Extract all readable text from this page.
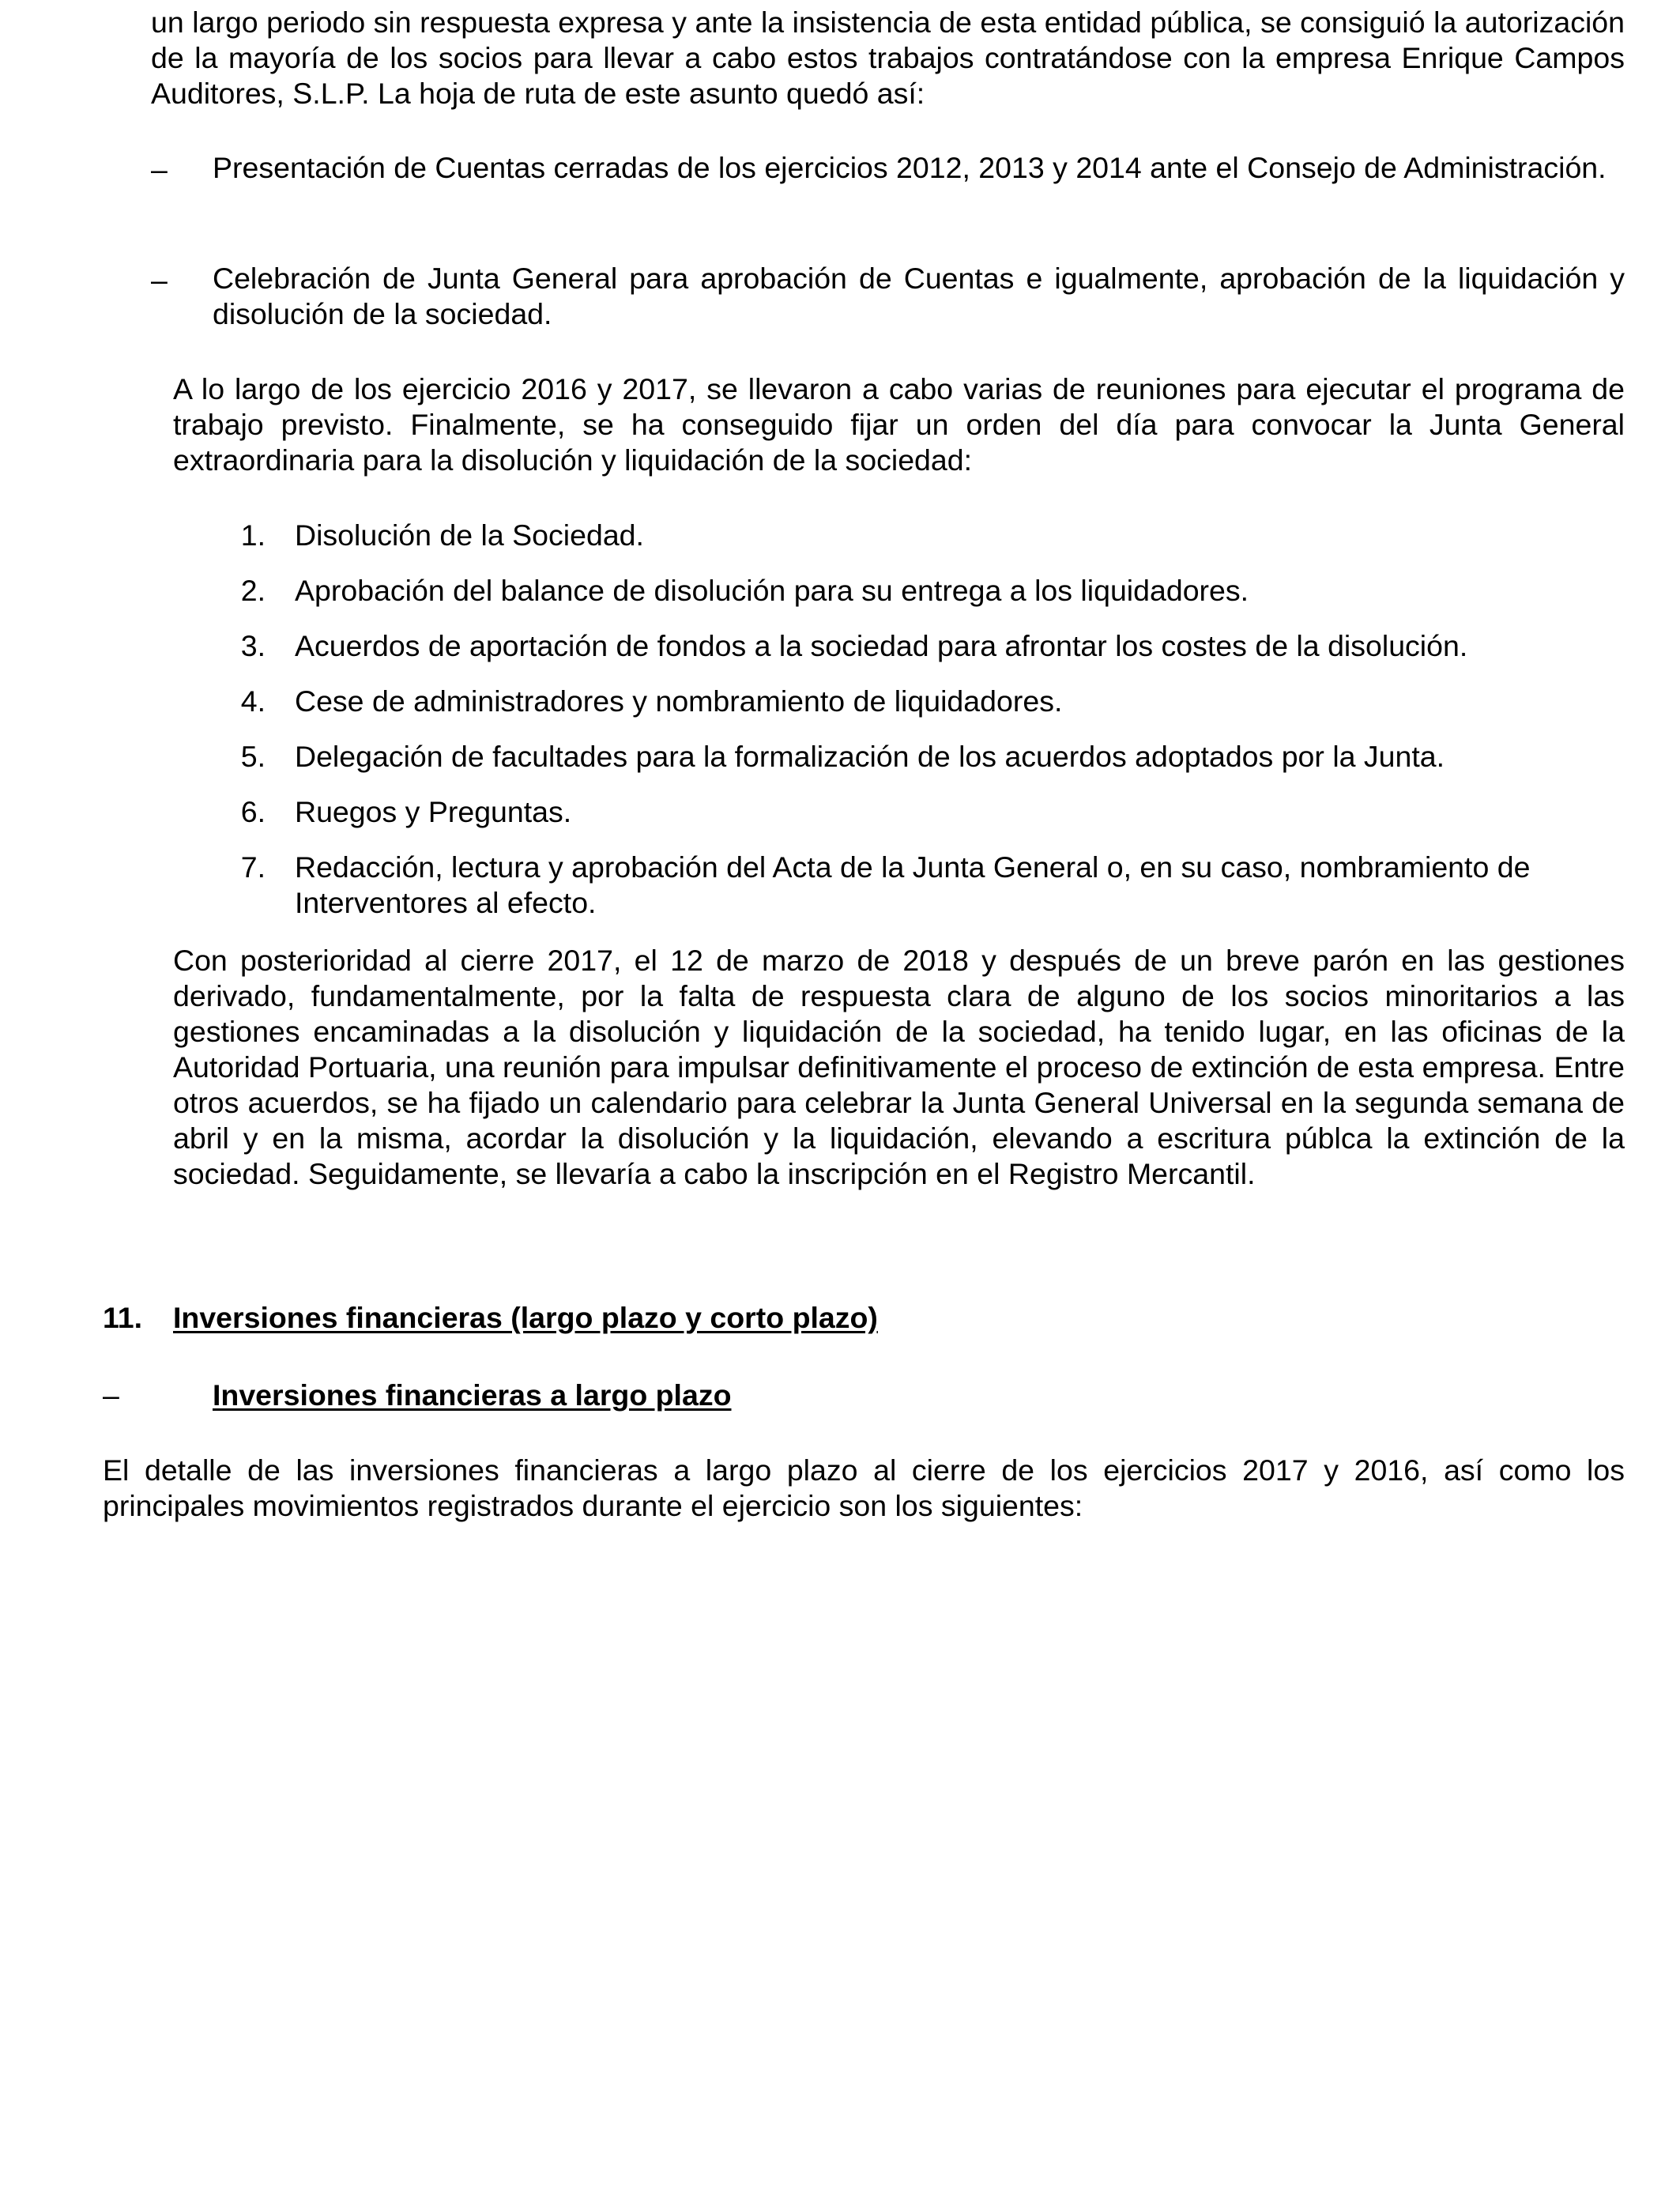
un largo periodo sin respuesta expresa y ante la insistencia de esta entidad pública, se consiguió la autorización de la mayoría de los socios para llevar a cabo estos trabajos contratándose con la empresa Enrique Campos Auditores, S.L.P. La hoja de ruta de este asunto quedó así:

– Presentación de Cuentas cerradas de los ejercicios 2012, 2013 y 2014 ante el Consejo de Administración.
– Celebración de Junta General para aprobación de Cuentas e igualmente, aprobación de la liquidación y disolución de la sociedad.

A lo largo de los ejercicio 2016 y 2017, se llevaron a cabo varias de reuniones para ejecutar el programa de trabajo previsto. Finalmente, se ha conseguido fijar un orden del día para convocar la Junta General extraordinaria para la disolución y liquidación de la sociedad:

1. Disolución de la Sociedad.
2. Aprobación del balance de disolución para su entrega a los liquidadores.
3. Acuerdos de aportación de fondos a la sociedad para afrontar los costes de la disolución.
4. Cese de administradores y nombramiento de liquidadores.
5. Delegación de facultades para la formalización de los acuerdos adoptados por la Junta.
6. Ruegos y Preguntas.
7. Redacción, lectura y aprobación del Acta de la Junta General o, en su caso, nombramiento de Interventores al efecto.

Con posterioridad al cierre 2017, el 12 de marzo de 2018 y después de un breve parón en las gestiones derivado, fundamentalmente, por la falta de respuesta clara de alguno de los socios minoritarios a las gestiones encaminadas a la disolución y liquidación de la sociedad, ha tenido lugar, en las oficinas de la Autoridad Portuaria, una reunión para impulsar definitivamente el proceso de extinción de esta empresa. Entre otros acuerdos, se ha fijado un calendario para celebrar la Junta General Universal en la segunda semana de abril y en la misma, acordar la disolución y la liquidación, elevando a escritura públca la extinción de la sociedad. Seguidamente, se llevaría a cabo la inscripción en el Registro Mercantil.

11. Inversiones financieras (largo plazo y corto plazo)
–	Inversiones financieras a largo plazo

El detalle de las inversiones financieras a largo plazo al cierre de los ejercicios 2017 y 2016, así como los principales movimientos registrados durante el ejercicio son los siguientes:
